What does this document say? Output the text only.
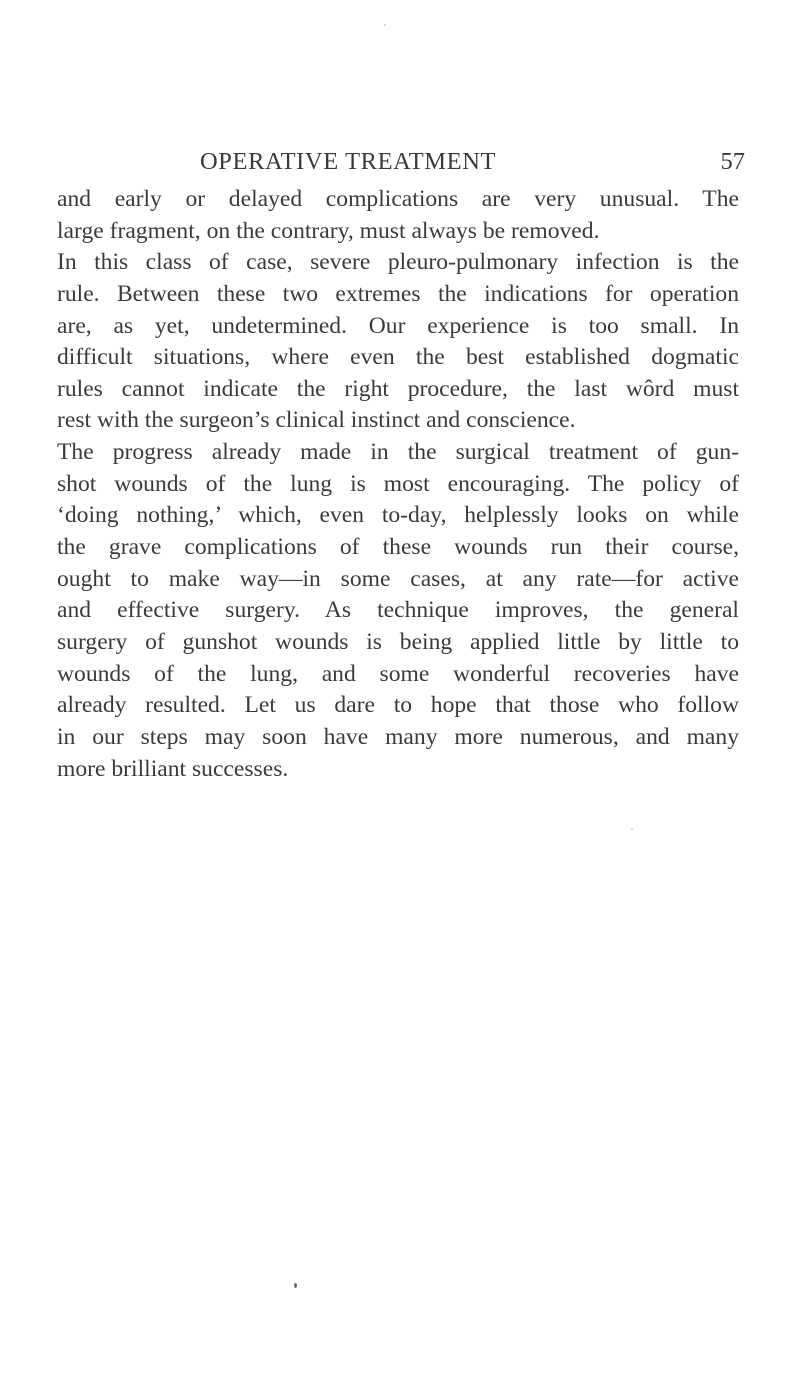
OPERATIVE TREATMENT	57
and early or delayed complications are very unusual. The
large fragment, on the contrary, must always be removed.
In this class of case, severe pleuro-pulmonary infection is the
rule. Between these two extremes the indications for operation
are, as yet, undetermined. Our experience is too small. In
difficult situations, where even the best established dogmatic
rules cannot indicate the right procedure, the last wôrd must
rest with the surgeon’s clinical instinct and conscience.
The progress already made in the surgical treatment of gun-
shot wounds of the lung is most encouraging. The policy of
‘doing nothing,’ which, even to-day, helplessly looks on while
the grave complications of these wounds run their course,
ought to make way—in some cases, at any rate—for active
and effective surgery. As technique improves, the general
surgery of gunshot wounds is being applied little by little to
wounds of the lung, and some wonderful recoveries have
already resulted. Let us dare to hope that those who follow
in our steps may soon have many more numerous, and many
more brilliant successes.
